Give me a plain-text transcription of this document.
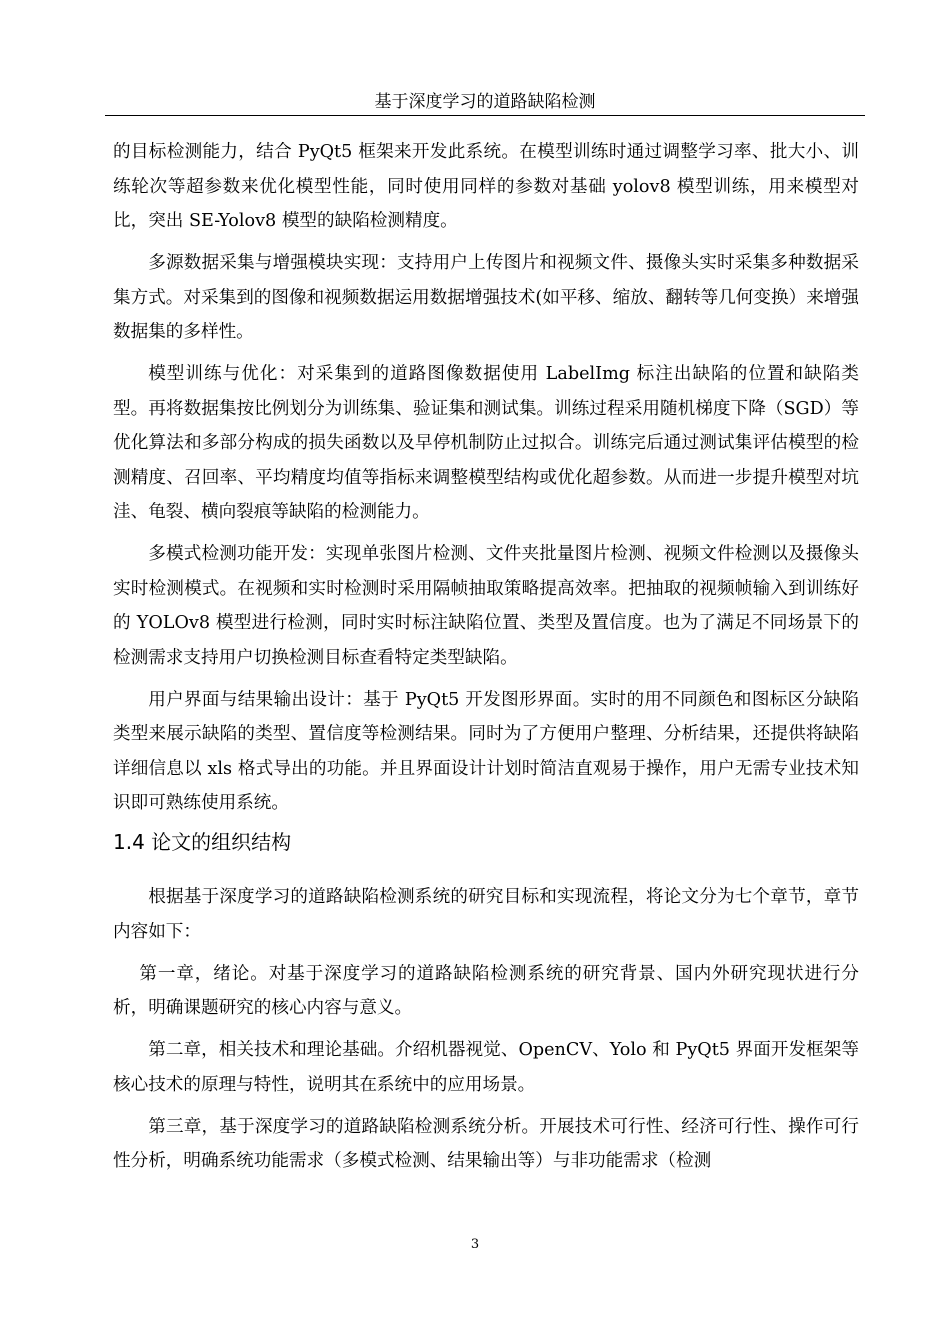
基于深度学习的道路缺陷检测

的目标检测能力，结合 PyQt5 框架来开发此系统。在模型训练时通过调整学习率、批大小、训练轮次等超参数来优化模型性能，同时使用同样的参数对基础 yolov8 模型训练，用来模型对比，突出 SE-Yolov8 模型的缺陷检测精度。

多源数据采集与增强模块实现：支持用户上传图片和视频文件、摄像头实时采集多种数据采集方式。对采集到的图像和视频数据运用数据增强技术(如平移、缩放、翻转等几何变换）来增强数据集的多样性。

模型训练与优化：对采集到的道路图像数据使用 LabelImg 标注出缺陷的位置和缺陷类型。再将数据集按比例划分为训练集、验证集和测试集。训练过程采用随机梯度下降（SGD）等优化算法和多部分构成的损失函数以及早停机制防止过拟合。训练完后通过测试集评估模型的检测精度、召回率、平均精度均值等指标来调整模型结构或优化超参数。从而进一步提升模型对坑洼、龟裂、横向裂痕等缺陷的检测能力。

多模式检测功能开发：实现单张图片检测、文件夹批量图片检测、视频文件检测以及摄像头实时检测模式。在视频和实时检测时采用隔帧抽取策略提高效率。把抽取的视频帧输入到训练好的 YOLOv8 模型进行检测，同时实时标注缺陷位置、类型及置信度。也为了满足不同场景下的检测需求支持用户切换检测目标查看特定类型缺陷。

用户界面与结果输出设计：基于 PyQt5 开发图形界面。实时的用不同颜色和图标区分缺陷类型来展示缺陷的类型、置信度等检测结果。同时为了方便用户整理、分析结果，还提供将缺陷详细信息以 xls 格式导出的功能。并且界面设计计划时简洁直观易于操作，用户无需专业技术知识即可熟练使用系统。

1.4 论文的组织结构

根据基于深度学习的道路缺陷检测系统的研究目标和实现流程，将论文分为七个章节，章节内容如下：

第一章，绪论。对基于深度学习的道路缺陷检测系统的研究背景、国内外研究现状进行分析，明确课题研究的核心内容与意义。

第二章，相关技术和理论基础。介绍机器视觉、OpenCV、Yolo 和 PyQt5 界面开发框架等核心技术的原理与特性，说明其在系统中的应用场景。

第三章，基于深度学习的道路缺陷检测系统分析。开展技术可行性、经济可行性、操作可行性分析，明确系统功能需求（多模式检测、结果输出等）与非功能需求（检测

3
